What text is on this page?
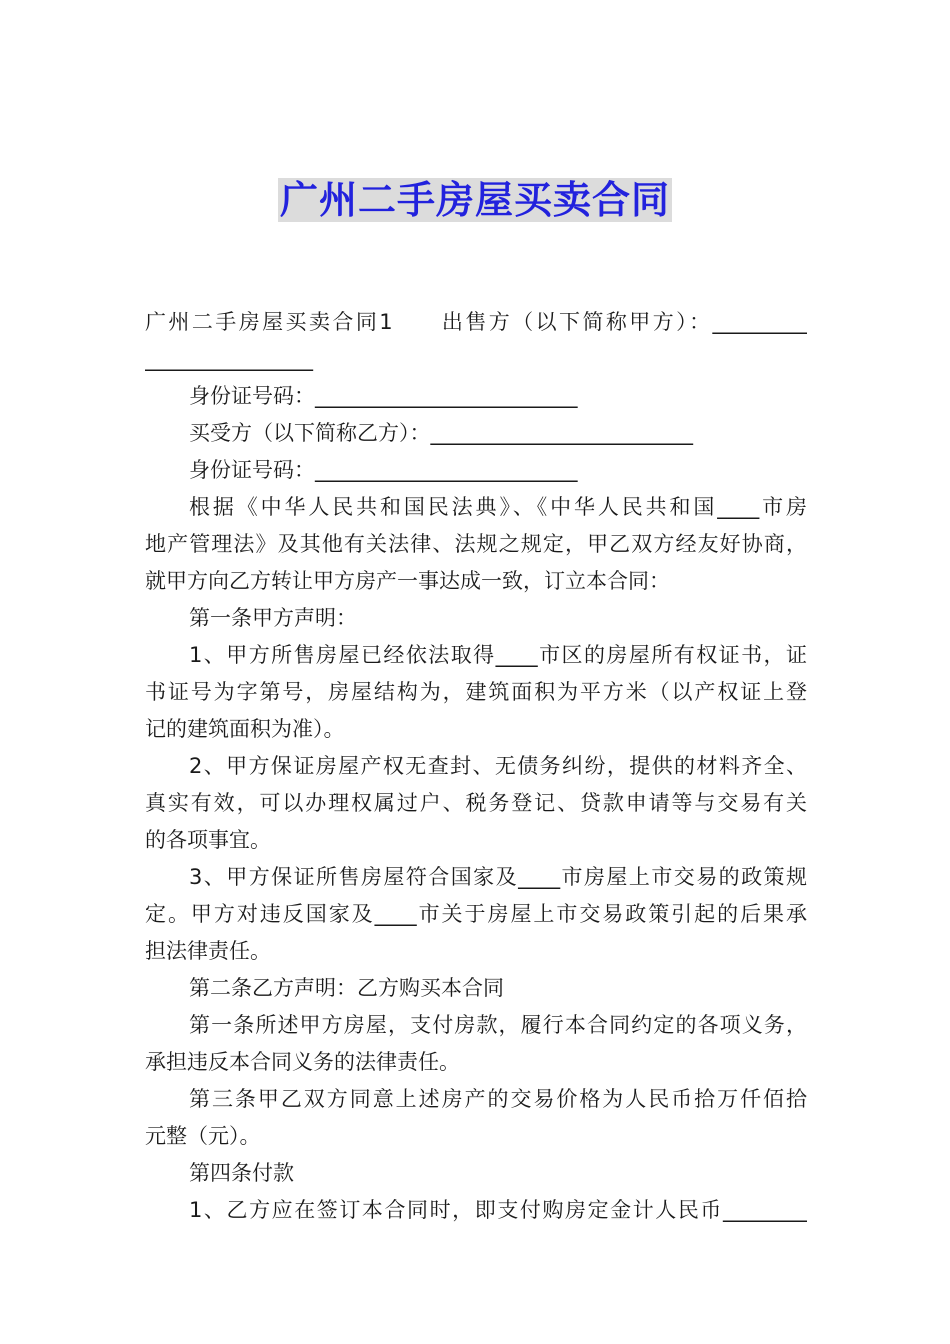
广州二手房屋买卖合同
广州二手房屋买卖合同1　　出售方（以下简称甲方）：_________
________________
身份证号码：_________________________
买受方（以下简称乙方）：_________________________
身份证号码：_________________________
根据《中华人民共和国民法典》、《中华人民共和国____市房
地产管理法》及其他有关法律、法规之规定，甲乙双方经友好协商，
就甲方向乙方转让甲方房产一事达成一致，订立本合同：
第一条甲方声明：
1、甲方所售房屋已经依法取得____市区的房屋所有权证书，证
书证号为字第号，房屋结构为，建筑面积为平方米（以产权证上登
记的建筑面积为准）。
2、甲方保证房屋产权无查封、无债务纠纷，提供的材料齐全、
真实有效，可以办理权属过户、税务登记、贷款申请等与交易有关
的各项事宜。
3、甲方保证所售房屋符合国家及____市房屋上市交易的政策规
定。甲方对违反国家及____市关于房屋上市交易政策引起的后果承
担法律责任。
第二条乙方声明：乙方购买本合同
第一条所述甲方房屋，支付房款，履行本合同约定的各项义务，
承担违反本合同义务的法律责任。
第三条甲乙双方同意上述房产的交易价格为人民币拾万仟佰拾
元整（元）。
第四条付款
1、乙方应在签订本合同时，即支付购房定金计人民币________
